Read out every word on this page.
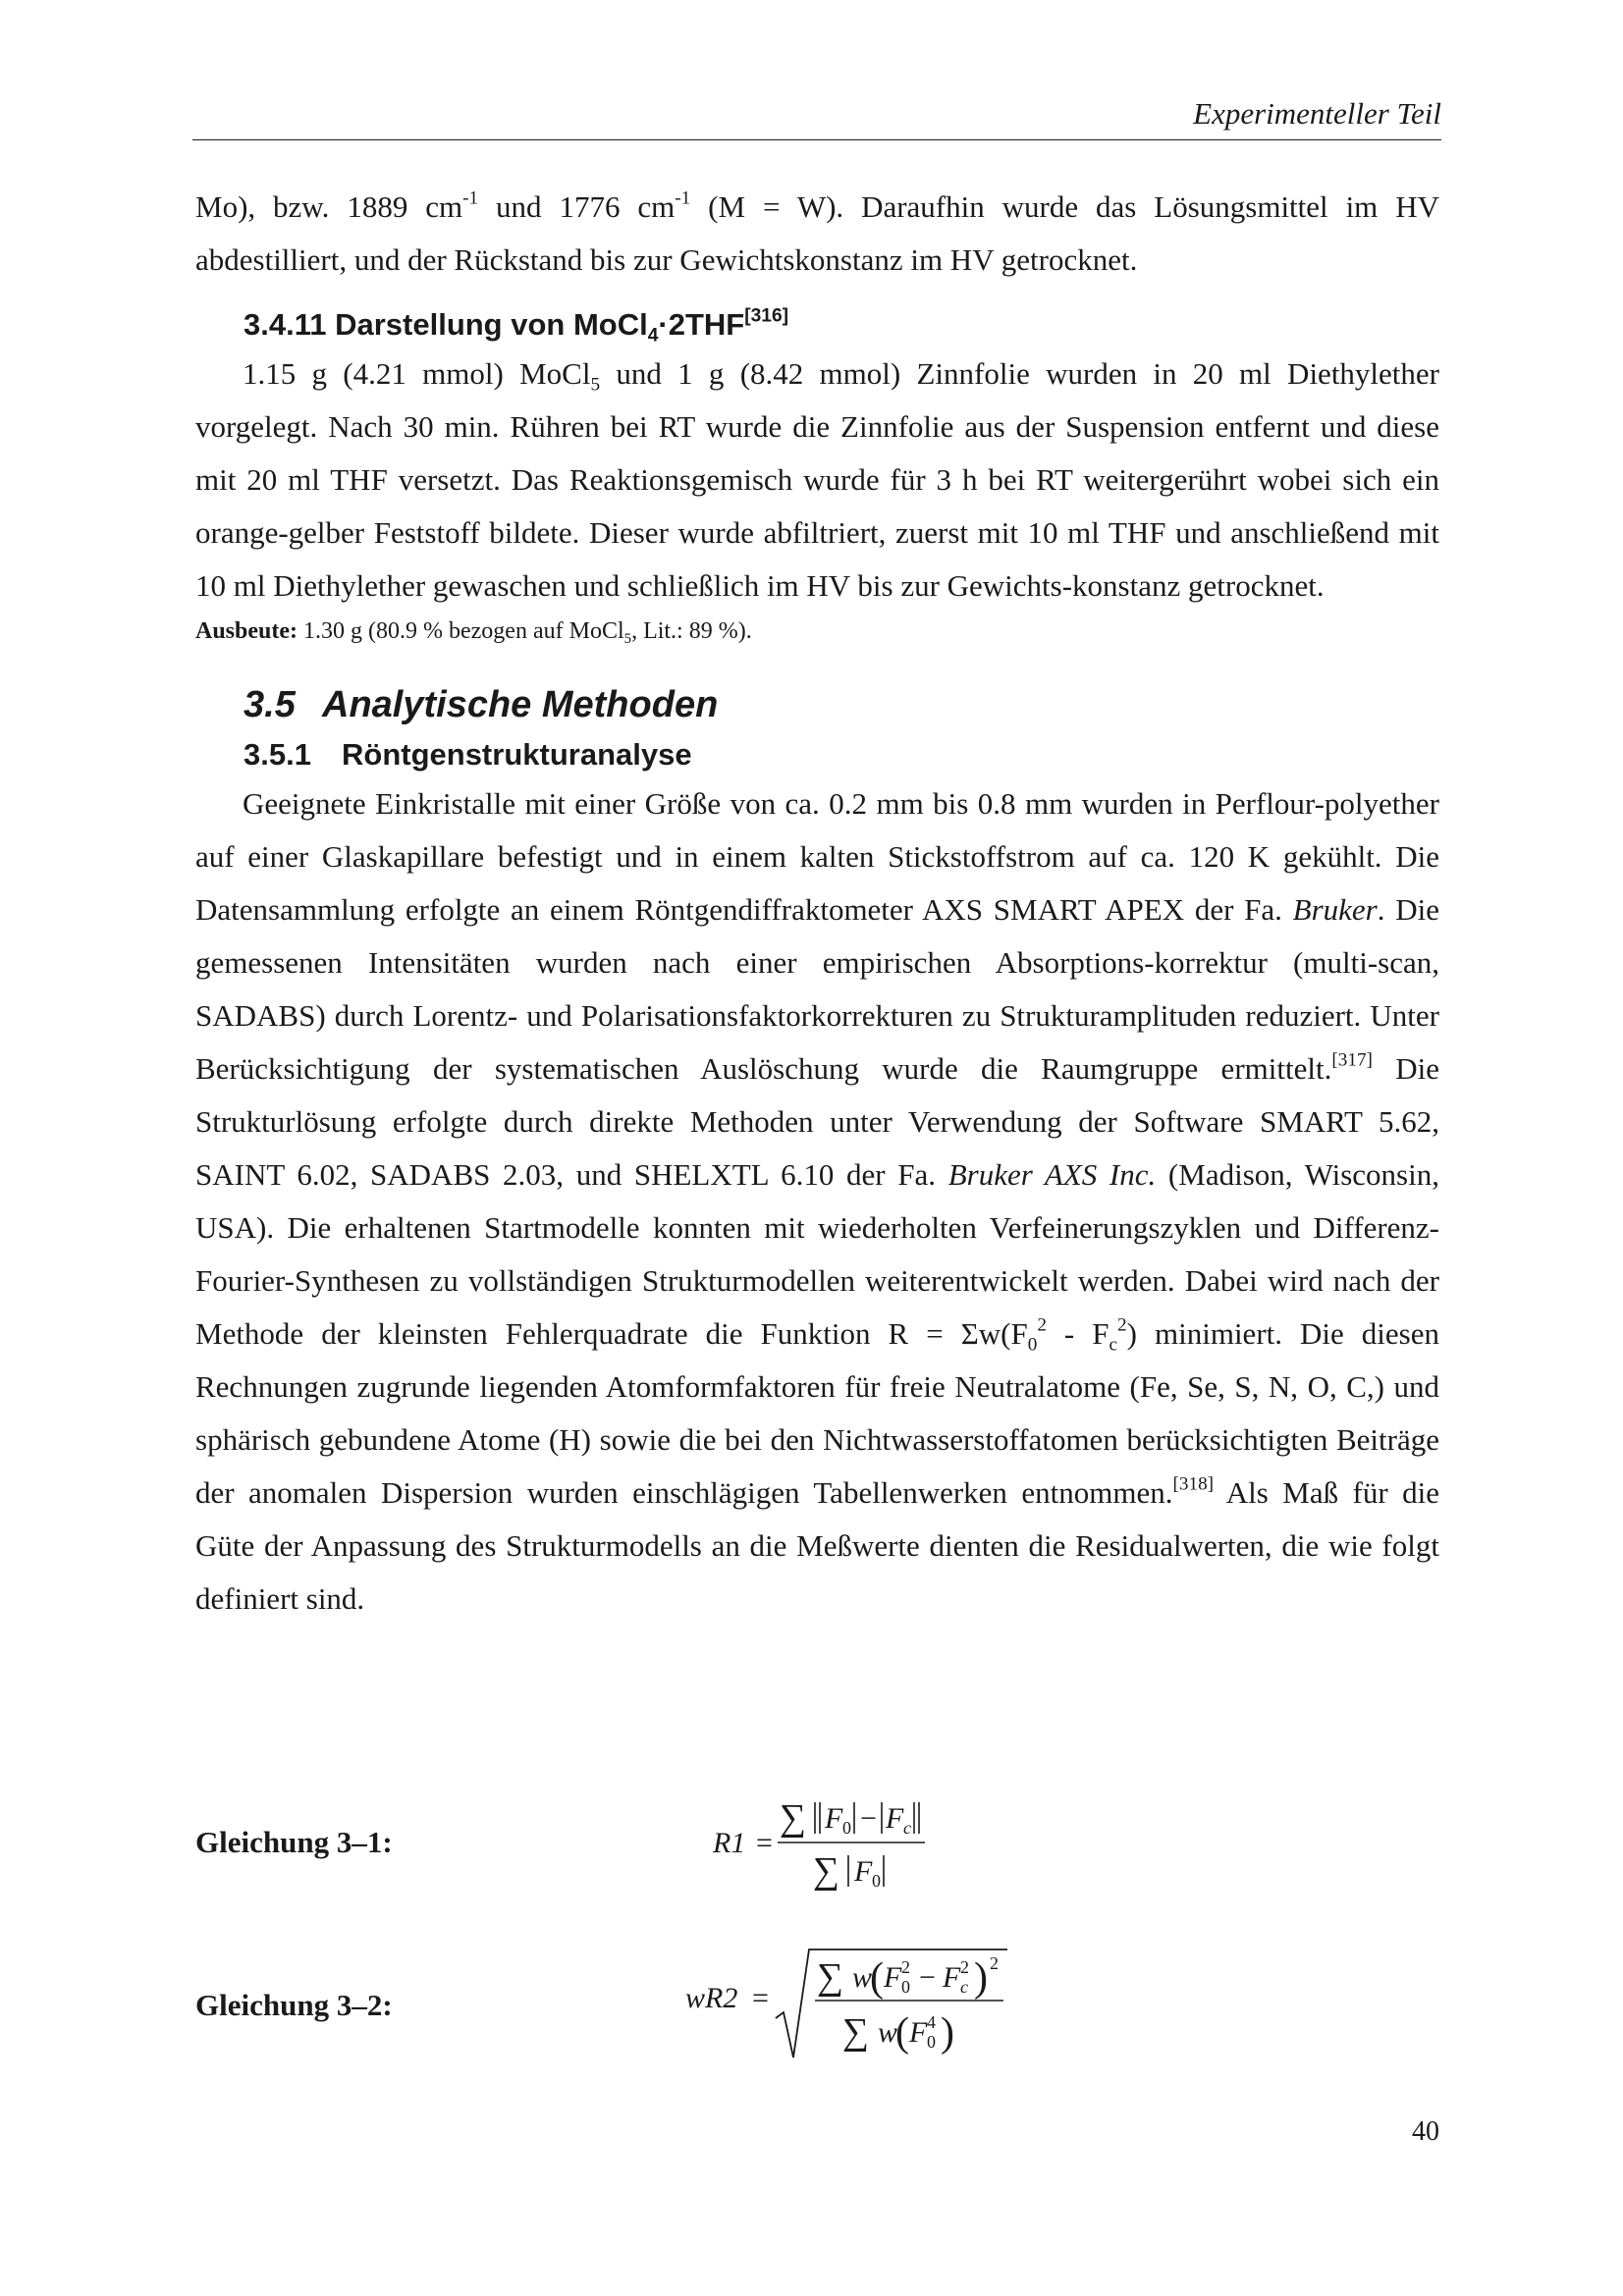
Experimenteller Teil

Mo), bzw. 1889 $cm^{-1}$ und 1776 $cm^{-1}$ (M = W). Daraufhin wurde das Lösungsmittel im HV abdestilliert, und der Rückstand bis zur Gewichtskonstanz im HV getrocknet.

3.4.11 Darstellung von MoCl$_4$·2THF[316]

1.15 g (4.21 mmol) MoCl$_5$ und 1 g (8.42 mmol) Zinnfolie wurden in 20 ml Diethylether vorgelegt. Nach 30 min. Rühren bei RT wurde die Zinnfolie aus der Suspension entfernt und diese mit 20 ml THF versetzt. Das Reaktionsgemisch wurde für 3 h bei RT weitergerührt wobei sich ein orange-gelber Feststoff bildete. Dieser wurde abfiltriert, zuerst mit 10 ml THF und anschließend mit 10 ml Diethylether gewaschen und schließlich im HV bis zur Gewichts-konstanz getrocknet.

Ausbeute: 1.30 g (80.9 % bezogen auf MoCl$_5$, Lit.: 89 %).

3.5 Analytische Methoden
3.5.1 Röntgenstrukturanalyse

Geeignete Einkristalle mit einer Größe von ca. 0.2 mm bis 0.8 mm wurden in Perflour-polyether auf einer Glaskapillare befestigt und in einem kalten Stickstoffstrom auf ca. 120 K gekühlt. Die Datensammlung erfolgte an einem Röntgendiffraktometer AXS SMART APEX der Fa. Bruker. Die gemessenen Intensitäten wurden nach einer empirischen Absorptions-korrektur (multi-scan, SADABS) durch Lorentz- und Polarisationsfaktorkorrekturen zu Strukturamplituden reduziert. Unter Berücksichtigung der systematischen Auslöschung wurde die Raumgruppe ermittelt.[317] Die Strukturlösung erfolgte durch direkte Methoden unter Verwendung der Software SMART 5.62, SAINT 6.02, SADABS 2.03, und SHELXTL 6.10 der Fa. Bruker AXS Inc. (Madison, Wisconsin, USA). Die erhaltenen Startmodelle konnten mit wiederholten Verfeinerungszyklen und Differenz-Fourier-Synthesen zu vollständigen Strukturmodellen weiterentwickelt werden. Dabei wird nach der Methode der kleinsten Fehlerquadrate die Funktion $R = \Sigma w(F_0^2 - F_c^2)$ minimiert. Die diesen Rechnungen zugrunde liegenden Atomformfaktoren für freie Neutralatome (Fe, Se, S, N, O, C,) und sphärisch gebundene Atome (H) sowie die bei den Nichtwasserstoffatomen berücksichtigten Beiträge der anomalen Dispersion wurden einschlägigen Tabellenwerken entnommen.[318] Als Maß für die Güte der Anpassung des Strukturmodells an die Meßwerte dienten die Residualwerten, die wie folgt definiert sind.

Gleichung 3–1:	R1 =
∑ F 0 − F c
∑ F 0
Gleichung 3–2:	wR2 =
∑ w
( F 0
2 − F c
2 ) 2
∑ w
( F 0
4 )
40
